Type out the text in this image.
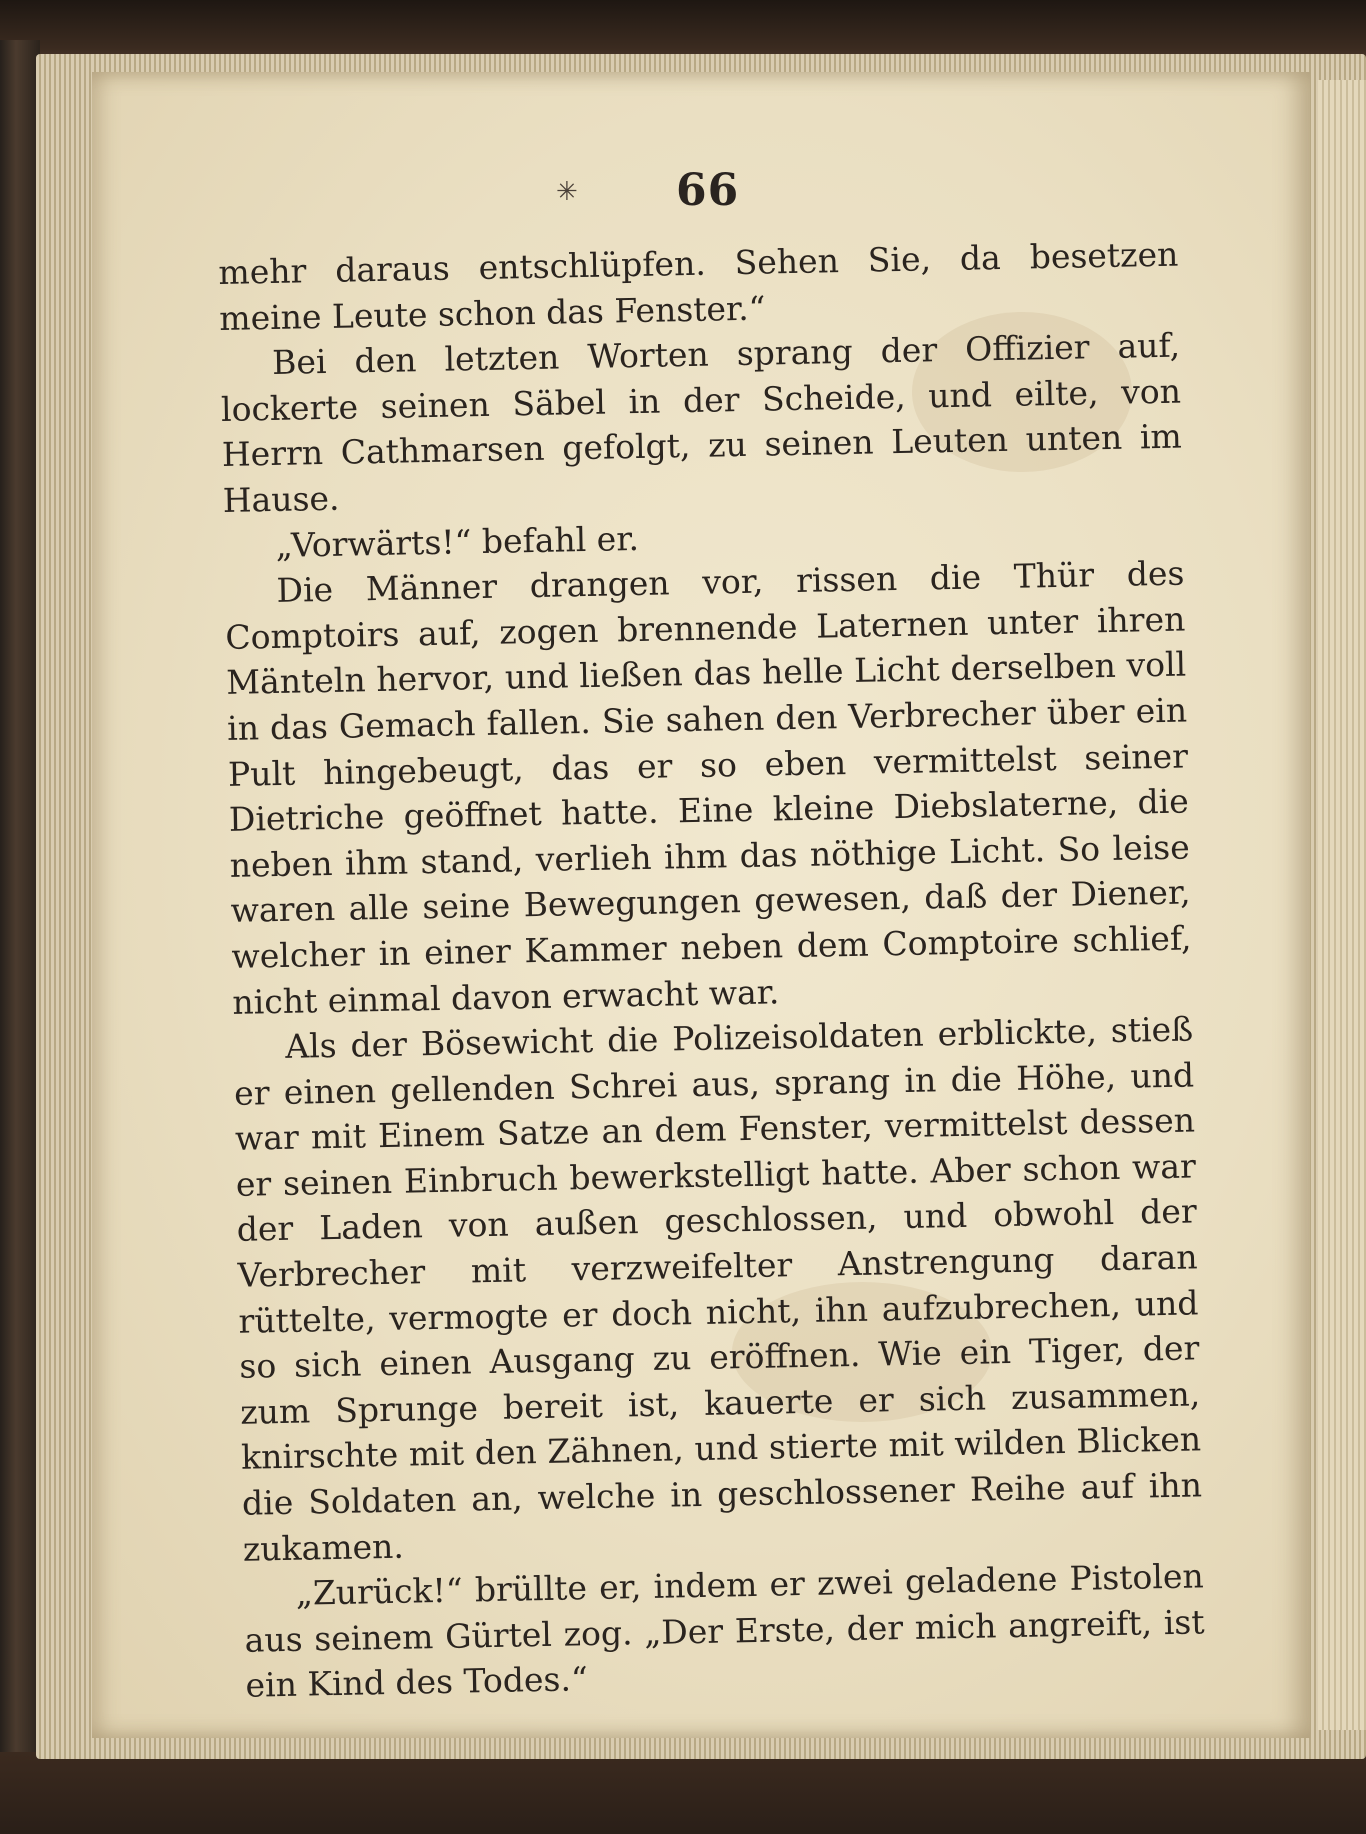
✳ 66

mehr daraus entschlüpfen. Sehen Sie, da besetzen meine Leute schon das Fenster.“

Bei den letzten Worten sprang der Offizier auf, lockerte seinen Säbel in der Scheide, und eilte, von Herrn Cathmarsen gefolgt, zu seinen Leuten unten im Hause.

„Vorwärts!“ befahl er.

Die Männer drangen vor, rissen die Thür des Comptoirs auf, zogen brennende Laternen unter ihren Mänteln hervor, und ließen das helle Licht derselben voll in das Gemach fallen. Sie sahen den Verbrecher über ein Pult hingebeugt, das er so eben vermittelst seiner Dietriche geöffnet hatte. Eine kleine Diebslaterne, die neben ihm stand, verlieh ihm das nöthige Licht. So leise waren alle seine Bewegungen gewesen, daß der Diener, welcher in einer Kammer neben dem Comptoire schlief, nicht einmal davon erwacht war.

Als der Bösewicht die Polizeisoldaten erblickte, stieß er einen gellenden Schrei aus, sprang in die Höhe, und war mit Einem Satze an dem Fenster, vermittelst dessen er seinen Einbruch bewerkstelligt hatte. Aber schon war der Laden von außen geschlossen, und obwohl der Verbrecher mit verzweifelter Anstrengung daran rüttelte, vermogte er doch nicht, ihn aufzubrechen, und so sich einen Ausgang zu eröffnen. Wie ein Tiger, der zum Sprunge bereit ist, kauerte er sich zusammen, knirschte mit den Zähnen, und stierte mit wilden Blicken die Soldaten an, welche in geschlossener Reihe auf ihn zukamen.

„Zurück!“ brüllte er, indem er zwei geladene Pistolen aus seinem Gürtel zog. „Der Erste, der mich angreift, ist ein Kind des Todes.“
